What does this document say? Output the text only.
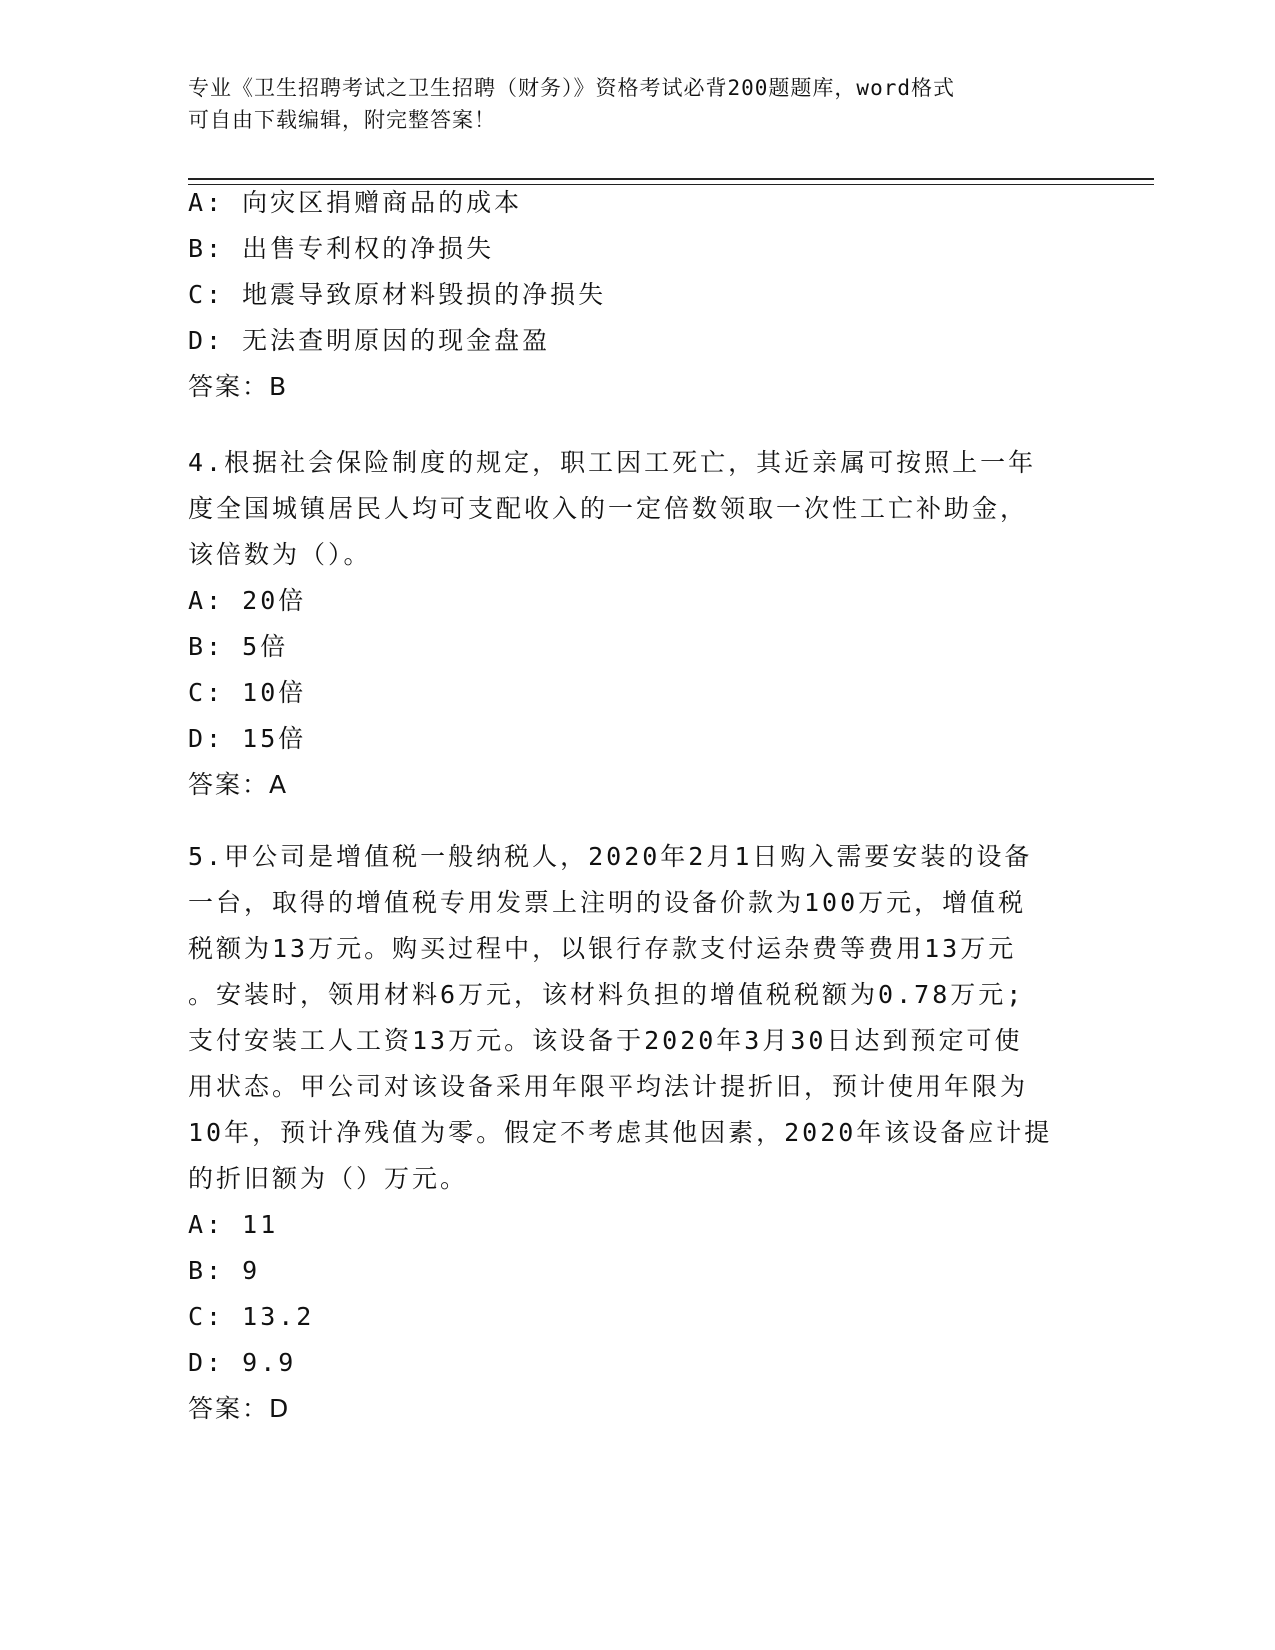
专业《卫生招聘考试之卫生招聘（财务）》资格考试必背200题题库，word格式
可自由下载编辑，附完整答案！
A: 向灾区捐赠商品的成本
B: 出售专利权的净损失
C: 地震导致原材料毁损的净损失
D: 无法查明原因的现金盘盈
答案：B
4.根据社会保险制度的规定，职工因工死亡，其近亲属可按照上一年
度全国城镇居民人均可支配收入的一定倍数领取一次性工亡补助金，
该倍数为（）。
A: 20倍
B: 5倍
C: 10倍
D: 15倍
答案：A
5.甲公司是增值税一般纳税人，2020年2月1日购入需要安装的设备
一台，取得的增值税专用发票上注明的设备价款为100万元，增值税
税额为13万元。购买过程中，以银行存款支付运杂费等费用13万元
。安装时，领用材料6万元，该材料负担的增值税税额为0.78万元;
支付安装工人工资13万元。该设备于2020年3月30日达到预定可使
用状态。甲公司对该设备采用年限平均法计提折旧，预计使用年限为
10年，预计净残值为零。假定不考虑其他因素，2020年该设备应计提
的折旧额为（）万元。
A: 11
B: 9
C: 13.2
D: 9.9
答案：D
